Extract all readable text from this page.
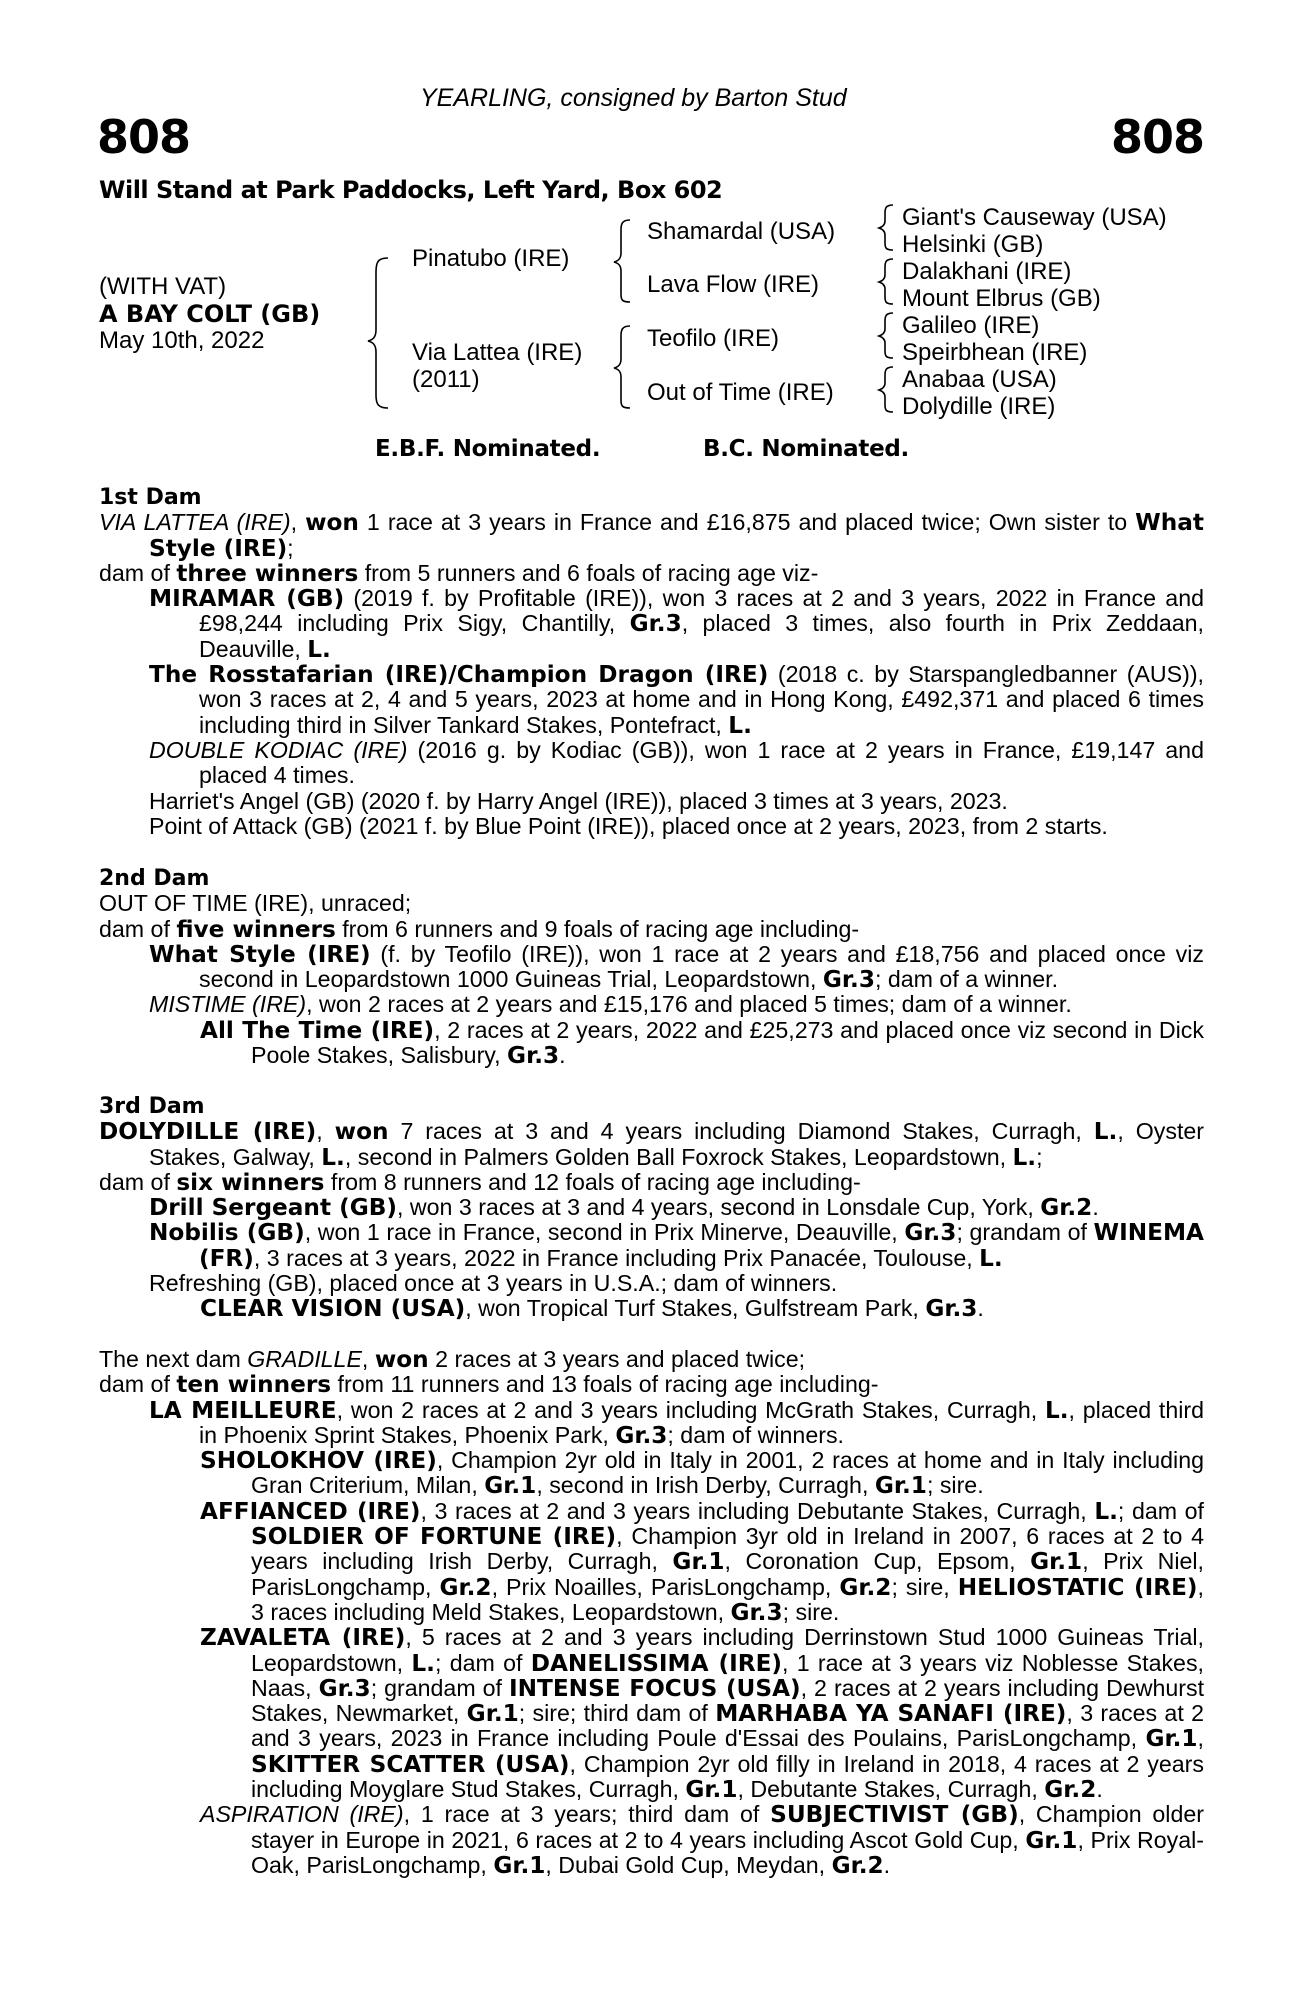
YEARLING, consigned by Barton Stud
808	808
Will Stand at Park Paddocks, Left Yard, Box 602
(WITH VAT)
A BAY COLT (GB)
May 10th, 2022
Pinatubo (IRE)
Via Lattea (IRE)
(2011)
Shamardal (USA)
Lava Flow (IRE)
Teofilo (IRE)
Out of Time (IRE)
Giant's Causeway (USA)
Helsinki (GB)
Dalakhani (IRE)
Mount Elbrus (GB)
Galileo (IRE)
Speirbhean (IRE)
Anabaa (USA)
Dolydille (IRE)
E.B.F. Nominated.	B.C. Nominated.

1st Dam

VIA LATTEA (IRE), won 1 race at 3 years in France and £16,875 and placed twice; Own sister to What Style (IRE);

dam of three winners from 5 runners and 6 foals of racing age viz-

MIRAMAR (GB) (2019 f. by Profitable (IRE)), won 3 races at 2 and 3 years, 2022 in France and £98,244 including Prix Sigy, Chantilly, Gr.3, placed 3 times, also fourth in Prix Zeddaan, Deauville, L.

The Rosstafarian (IRE)/Champion Dragon (IRE) (2018 c. by Starspangledbanner (AUS)), won 3 races at 2, 4 and 5 years, 2023 at home and in Hong Kong, £492,371 and placed 6 times including third in Silver Tankard Stakes, Pontefract, L.

DOUBLE KODIAC (IRE) (2016 g. by Kodiac (GB)), won 1 race at 2 years in France, £19,147 and placed 4 times.

Harriet's Angel (GB) (2020 f. by Harry Angel (IRE)), placed 3 times at 3 years, 2023.

Point of Attack (GB) (2021 f. by Blue Point (IRE)), placed once at 2 years, 2023, from 2 starts.

2nd Dam

OUT OF TIME (IRE), unraced;

dam of five winners from 6 runners and 9 foals of racing age including-

What Style (IRE) (f. by Teofilo (IRE)), won 1 race at 2 years and £18,756 and placed once viz second in Leopardstown 1000 Guineas Trial, Leopardstown, Gr.3; dam of a winner.

MISTIME (IRE), won 2 races at 2 years and £15,176 and placed 5 times; dam of a winner.

All The Time (IRE), 2 races at 2 years, 2022 and £25,273 and placed once viz second in Dick Poole Stakes, Salisbury, Gr.3.

3rd Dam

DOLYDILLE (IRE), won 7 races at 3 and 4 years including Diamond Stakes, Curragh, L., Oyster Stakes, Galway, L., second in Palmers Golden Ball Foxrock Stakes, Leopardstown, L.;

dam of six winners from 8 runners and 12 foals of racing age including-

Drill Sergeant (GB), won 3 races at 3 and 4 years, second in Lonsdale Cup, York, Gr.2.

Nobilis (GB), won 1 race in France, second in Prix Minerve, Deauville, Gr.3; grandam of WINEMA (FR), 3 races at 3 years, 2022 in France including Prix Panacée, Toulouse, L.

Refreshing (GB), placed once at 3 years in U.S.A.; dam of winners.

CLEAR VISION (USA), won Tropical Turf Stakes, Gulfstream Park, Gr.3.

The next dam GRADILLE, won 2 races at 3 years and placed twice;

dam of ten winners from 11 runners and 13 foals of racing age including-

LA MEILLEURE, won 2 races at 2 and 3 years including McGrath Stakes, Curragh, L., placed third in Phoenix Sprint Stakes, Phoenix Park, Gr.3; dam of winners.

SHOLOKHOV (IRE), Champion 2yr old in Italy in 2001, 2 races at home and in Italy including Gran Criterium, Milan, Gr.1, second in Irish Derby, Curragh, Gr.1; sire.

AFFIANCED (IRE), 3 races at 2 and 3 years including Debutante Stakes, Curragh, L.; dam of SOLDIER OF FORTUNE (IRE), Champion 3yr old in Ireland in 2007, 6 races at 2 to 4 years including Irish Derby, Curragh, Gr.1, Coronation Cup, Epsom, Gr.1, Prix Niel, ParisLongchamp, Gr.2, Prix Noailles, ParisLongchamp, Gr.2; sire, HELIOSTATIC (IRE), 3 races including Meld Stakes, Leopardstown, Gr.3; sire.

ZAVALETA (IRE), 5 races at 2 and 3 years including Derrinstown Stud 1000 Guineas Trial, Leopardstown, L.; dam of DANELISSIMA (IRE), 1 race at 3 years viz Noblesse Stakes, Naas, Gr.3; grandam of INTENSE FOCUS (USA), 2 races at 2 years including Dewhurst Stakes, Newmarket, Gr.1; sire; third dam of MARHABA YA SANAFI (IRE), 3 races at 2 and 3 years, 2023 in France including Poule d'Essai des Poulains, ParisLongchamp, Gr.1, SKITTER SCATTER (USA), Champion 2yr old filly in Ireland in 2018, 4 races at 2 years including Moyglare Stud Stakes, Curragh, Gr.1, Debutante Stakes, Curragh, Gr.2.

ASPIRATION (IRE), 1 race at 3 years; third dam of SUBJECTIVIST (GB), Champion older stayer in Europe in 2021, 6 races at 2 to 4 years including Ascot Gold Cup, Gr.1, Prix Royal-Oak, ParisLongchamp, Gr.1, Dubai Gold Cup, Meydan, Gr.2.
